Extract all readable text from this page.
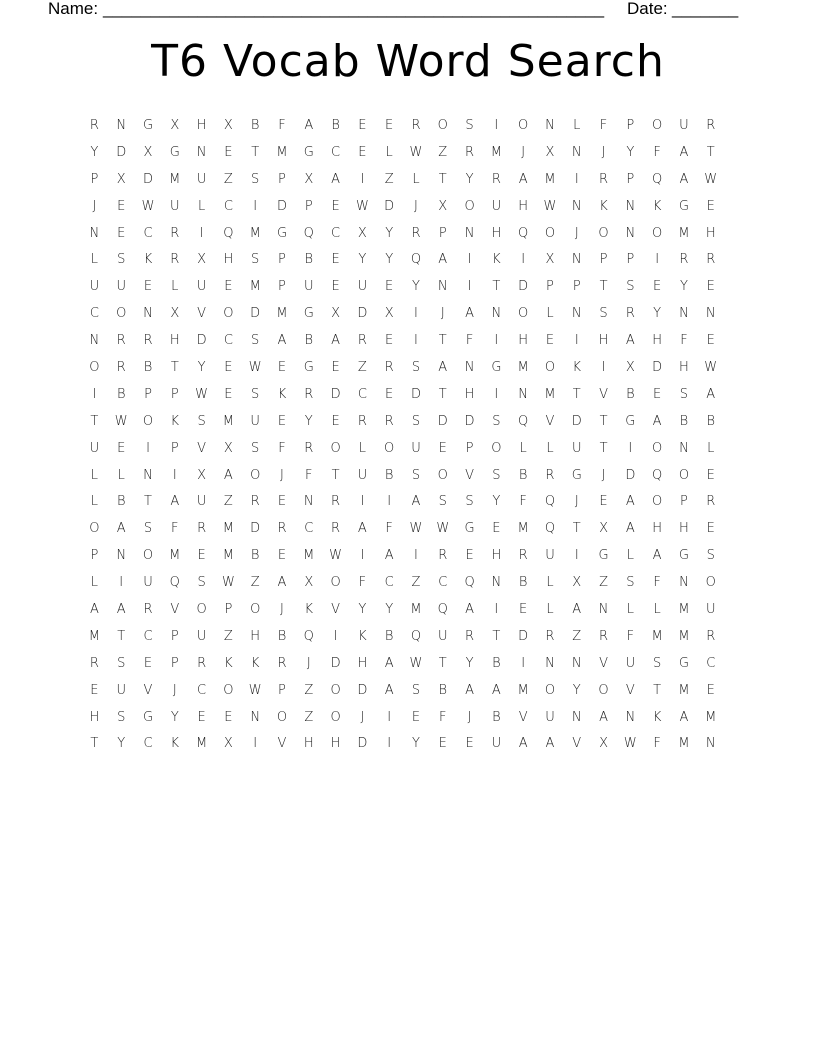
Name: _____________________________________________________ Date: _______
T6 Vocab Word Search
R	N	G	X	H	X	B	F	A	B	E	E	R	O	S	I	O	N	L	F	P	O	U	R
Y	D	X	G	N	E	T	M	G	C	E	L	W	Z	R	M	J	X	N	J	Y	F	A	T
P	X	D	M	U	Z	S	P	X	A	I	Z	L	T	Y	R	A	M	I	R	P	Q	A	W
J	E	W	U	L	C	I	D	P	E	W	D	J	X	O	U	H	W	N	K	N	K	G	E
N	E	C	R	I	Q	M	G	Q	C	X	Y	R	P	N	H	Q	O	J	O	N	O	M	H
L	S	K	R	X	H	S	P	B	E	Y	Y	Q	A	I	K	I	X	N	P	P	I	R	R
U	U	E	L	U	E	M	P	U	E	U	E	Y	N	I	T	D	P	P	T	S	E	Y	E
C	O	N	X	V	O	D	M	G	X	D	X	I	J	A	N	O	L	N	S	R	Y	N	N
N	R	R	H	D	C	S	A	B	A	R	E	I	T	F	I	H	E	I	H	A	H	F	E
O	R	B	T	Y	E	W	E	G	E	Z	R	S	A	N	G	M	O	K	I	X	D	H	W
I	B	P	P	W	E	S	K	R	D	C	E	D	T	H	I	N	M	T	V	B	E	S	A
T	W	O	K	S	M	U	E	Y	E	R	R	S	D	D	S	Q	V	D	T	G	A	B	B
U	E	I	P	V	X	S	F	R	O	L	O	U	E	P	O	L	L	U	T	I	O	N	L
L	L	N	I	X	A	O	J	F	T	U	B	S	O	V	S	B	R	G	J	D	Q	O	E
L	B	T	A	U	Z	R	E	N	R	I	I	A	S	S	Y	F	Q	J	E	A	O	P	R
O	A	S	F	R	M	D	R	C	R	A	F	W	W	G	E	M	Q	T	X	A	H	H	E
P	N	O	M	E	M	B	E	M	W	I	A	I	R	E	H	R	U	I	G	L	A	G	S
L	I	U	Q	S	W	Z	A	X	O	F	C	Z	C	Q	N	B	L	X	Z	S	F	N	O
A	A	R	V	O	P	O	J	K	V	Y	Y	M	Q	A	I	E	L	A	N	L	L	M	U
M	T	C	P	U	Z	H	B	Q	I	K	B	Q	U	R	T	D	R	Z	R	F	M	M	R
R	S	E	P	R	K	K	R	J	D	H	A	W	T	Y	B	I	N	N	V	U	S	G	C
E	U	V	J	C	O	W	P	Z	O	D	A	S	B	A	A	M	O	Y	O	V	T	M	E
H	S	G	Y	E	E	N	O	Z	O	J	I	E	F	J	B	V	U	N	A	N	K	A	M
T	Y	C	K	M	X	I	V	H	H	D	I	Y	E	E	U	A	A	V	X	W	F	M	N
